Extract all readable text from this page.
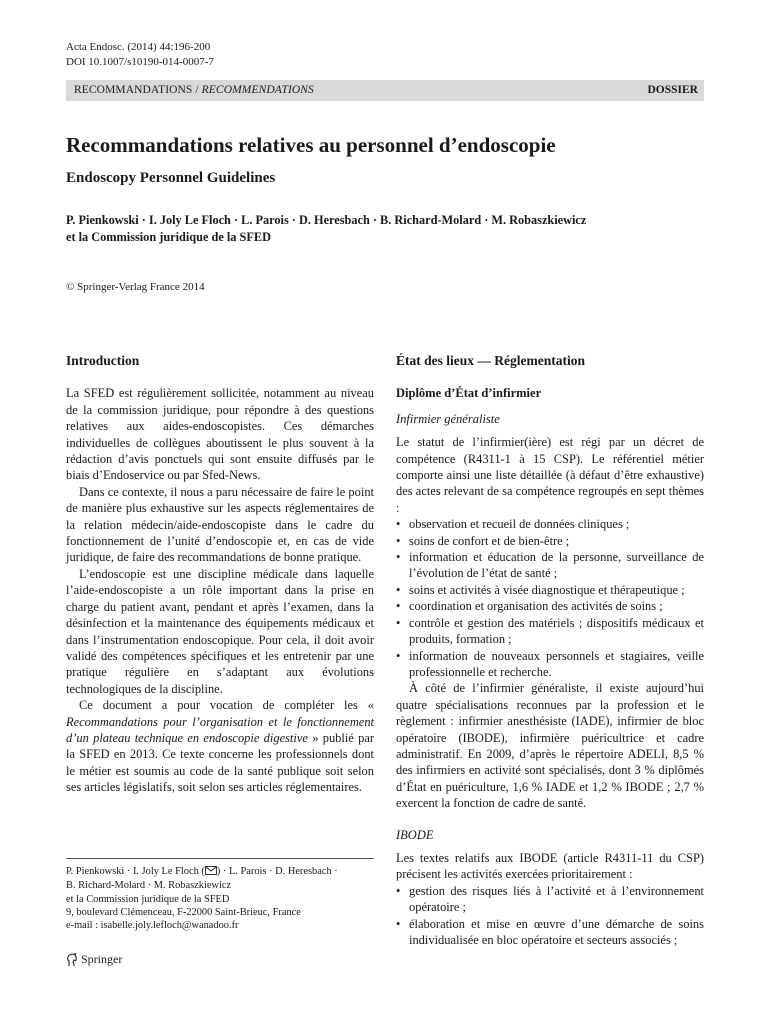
Acta Endosc. (2014) 44:196-200
DOI 10.1007/s10190-014-0007-7
RECOMMANDATIONS / RECOMMENDATIONS	DOSSIER
Recommandations relatives au personnel d’endoscopie
Endoscopy Personnel Guidelines
P. Pienkowski · I. Joly Le Floch · L. Parois · D. Heresbach · B. Richard-Molard · M. Robaszkiewicz
et la Commission juridique de la SFED
© Springer-Verlag France 2014
Introduction

La SFED est régulièrement sollicitée, notamment au niveau de la commission juridique, pour répondre à des questions relatives aux aides-endoscopistes. Ces démarches individuelles de collègues aboutissent le plus souvent à la rédaction d’avis ponctuels qui sont ensuite diffusés par le biais d’Endoservice ou par Sfed-News.

Dans ce contexte, il nous a paru nécessaire de faire le point de manière plus exhaustive sur les aspects réglementaires de la relation médecin/aide-endoscopiste dans le cadre du fonctionnement de l’unité d’endoscopie et, en cas de vide juridique, de faire des recommandations de bonne pratique.

L’endoscopie est une discipline médicale dans laquelle l’aide-endoscopiste a un rôle important dans la prise en charge du patient avant, pendant et après l’examen, dans la désinfection et la maintenance des équipements médicaux et dans l’instrumentation endoscopique. Pour cela, il doit avoir validé des compétences spécifiques et les entretenir par une pratique régulière en s’adaptant aux évolutions technologiques de la discipline.

Ce document a pour vocation de compléter les « Recommandations pour l’organisation et le fonctionnement d’un plateau technique en endoscopie digestive » publié par la SFED en 2013. Ce texte concerne les professionnels dont le métier est soumis au code de la santé publique soit selon ses articles législatifs, soit selon ses articles réglementaires.

État des lieux — Réglementation
Diplôme d’État d’infirmier
Infirmier généraliste

Le statut de l’infirmier(ière) est régi par un décret de compétence (R4311-1 à 15 CSP). Le référentiel métier comporte ainsi une liste détaillée (à défaut d’être exhaustive) des actes relevant de sa compétence regroupés en sept thèmes :

• observation et recueil de données cliniques ;
• soins de confort et de bien-être ;
• information et éducation de la personne, surveillance de l’évolution de l’état de santé ;
• soins et activités à visée diagnostique et thérapeutique ;
• coordination et organisation des activités de soins ;
• contrôle et gestion des matériels ; dispositifs médicaux et produits, formation ;
• information de nouveaux personnels et stagiaires, veille professionnelle et recherche.

À côté de l’infirmier généraliste, il existe aujourd’hui quatre spécialisations reconnues par la profession et le règlement : infirmier anesthésiste (IADE), infirmier de bloc opératoire (IBODE), infirmière puéricultrice et cadre administratif. En 2009, d’après le répertoire ADELI, 8,5 % des infirmiers en activité sont spécialisés, dont 3 % diplômés d’État en puériculture, 1,6 % IADE et 1,2 % IBODE ; 2,7 % exercent la fonction de cadre de santé.

IBODE

Les textes relatifs aux IBODE (article R4311-11 du CSP) précisent les activités exercées prioritairement :

• gestion des risques liés à l’activité et à l’environnement opératoire ;
• élaboration et mise en œuvre d’une démarche de soins individualisée en bloc opératoire et secteurs associés ;
P. Pienkowski · I. Joly Le Floch ( ) · L. Parois · D. Heresbach ·
B. Richard-Molard · M. Robaszkiewicz
et la Commission juridique de la SFED
9, boulevard Clémenceau, F-22000 Saint-Brieuc, France
e-mail : isabelle.joly.lefloch@wanadoo.fr
Springer
